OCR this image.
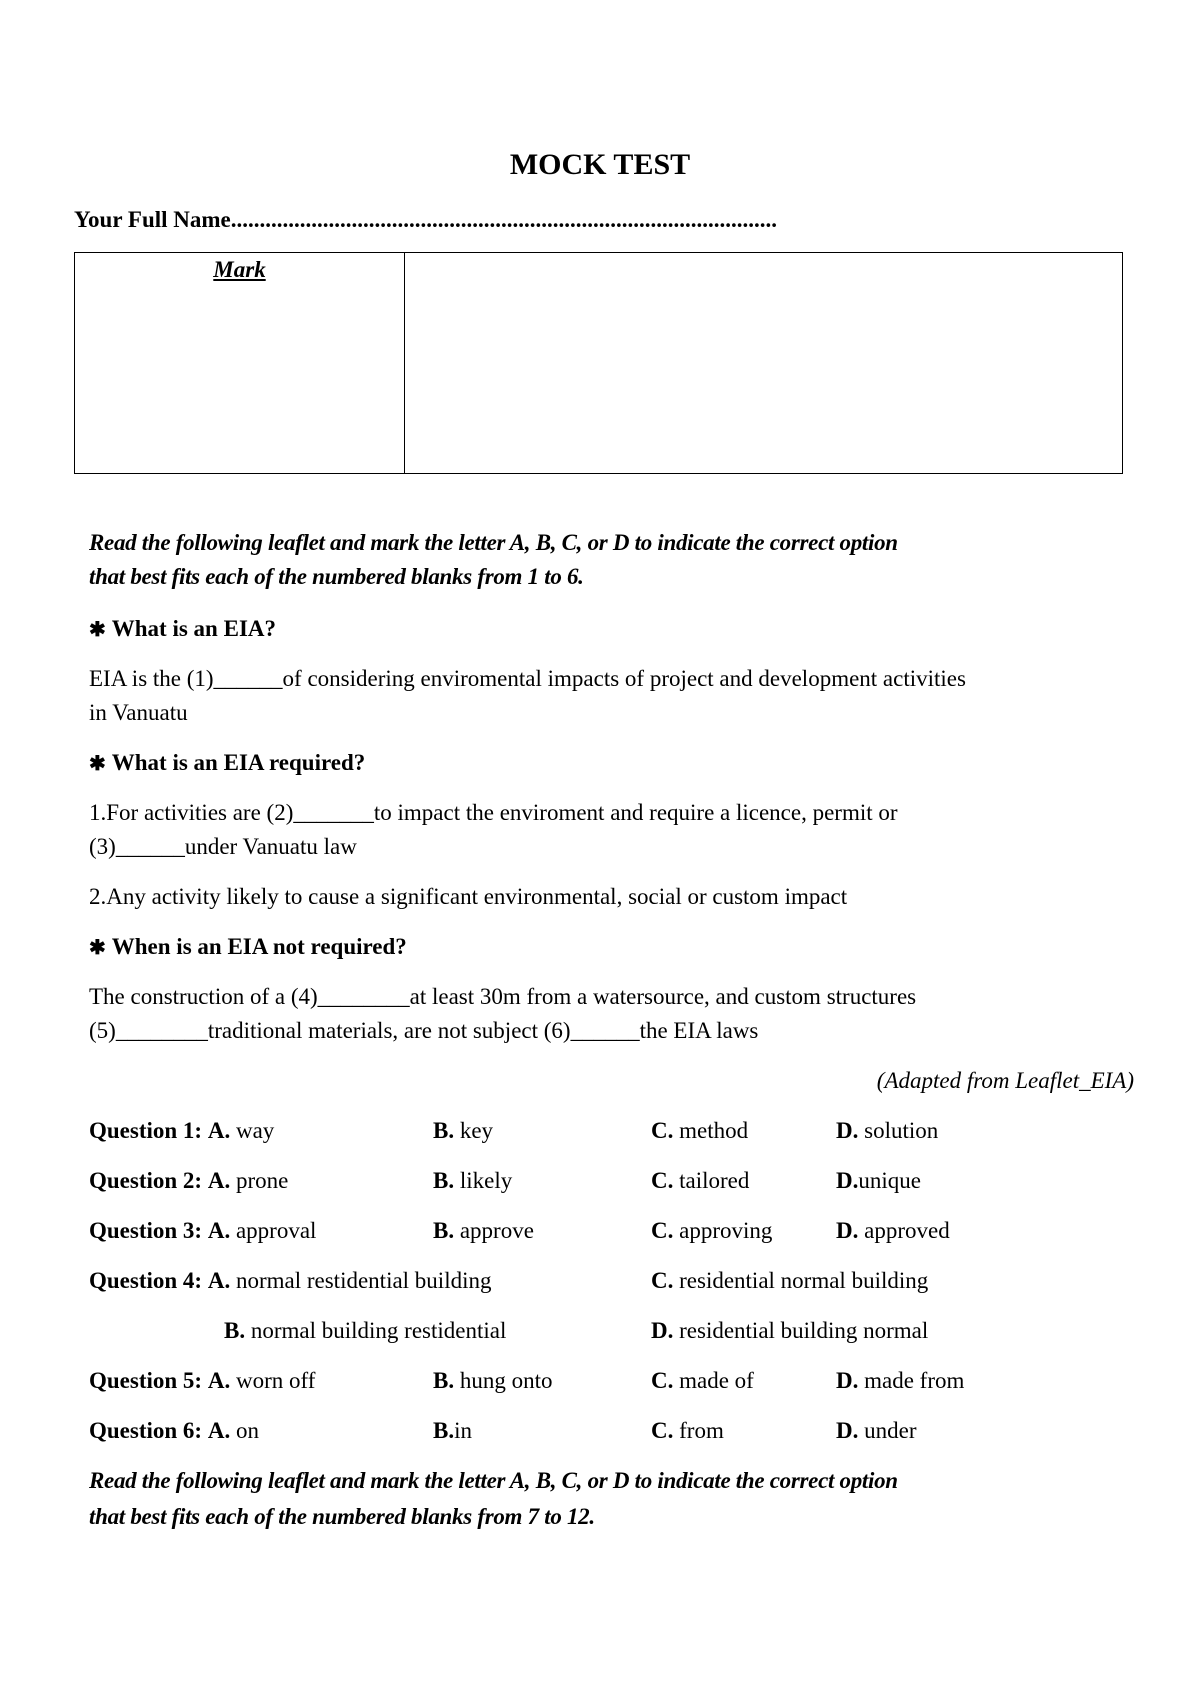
MOCK TEST
Your Full Name...............................................................................................
Mark
Read the following leaflet and mark the letter A, B, C, or D to indicate the correct option
that best fits each of the numbered blanks from 1 to 6.
✱ What is an EIA?
EIA is the (1)______of considering enviromental impacts of project and development activities
in Vanuatu
✱ What is an EIA required?
1.For activities are (2)_______to impact the enviroment and require a licence, permit or
(3)______under Vanuatu law
2.Any activity likely to cause a significant environmental, social or custom impact
✱ When is an EIA not required?
The construction of a (4)________at least 30m from a watersource, and custom structures
(5)________traditional materials, are not subject (6)______the EIA laws
(Adapted from Leaflet_EIA)
Question 1: A. way	B. key	C. method	D. solution
Question 2: A. prone	B. likely	C. tailored	D.unique
Question 3: A. approval	B. approve	C. approving	D. approved
Question 4: A. normal restidential building	C. residential normal building
B. normal building restidential	D. residential building normal
Question 5: A. worn off	B. hung onto	C. made of	D. made from
Question 6: A. on	B.in	C. from	D. under
Read the following leaflet and mark the letter A, B, C, or D to indicate the correct option
that best fits each of the numbered blanks from 7 to 12.
